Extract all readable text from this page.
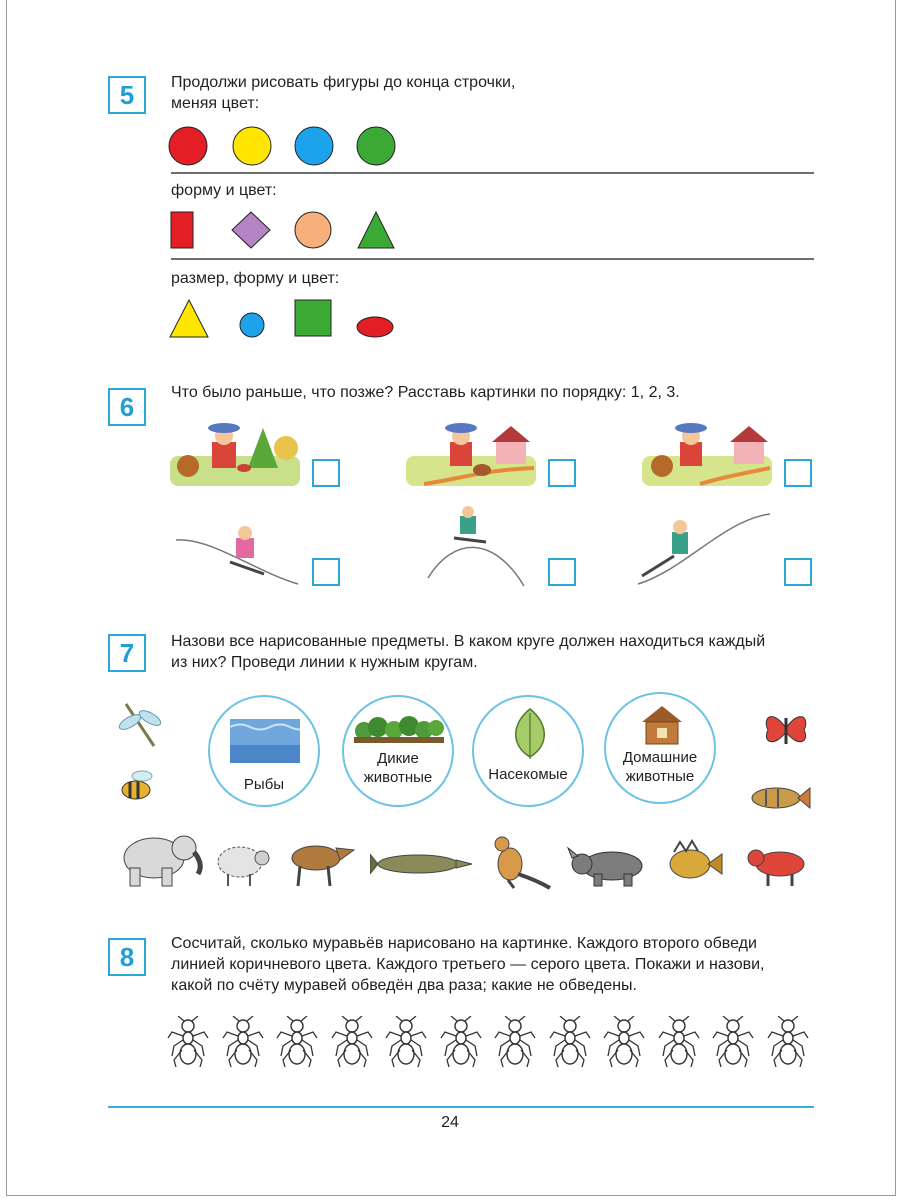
5	Продолжи рисовать фигуры до конца строчки,
меняя цвет:
форму и цвет:
размер, форму и цвет:
6	Что было раньше, что позже? Расставь картинки по порядку: 1, 2, 3.
7	Назови все нарисованные предметы. В каком круге должен находиться каждый
из них? Проведи линии к нужным кругам.
Рыбы
Дикие
животные	Насекомые
Домашние
животные
8	Сосчитай, сколько муравьёв нарисовано на картинке. Каждого второго обведи
линией коричневого цвета. Каждого третьего — серого цвета. Покажи и назови,
какой по счёту муравей обведён два раза; какие не обведены.
24
